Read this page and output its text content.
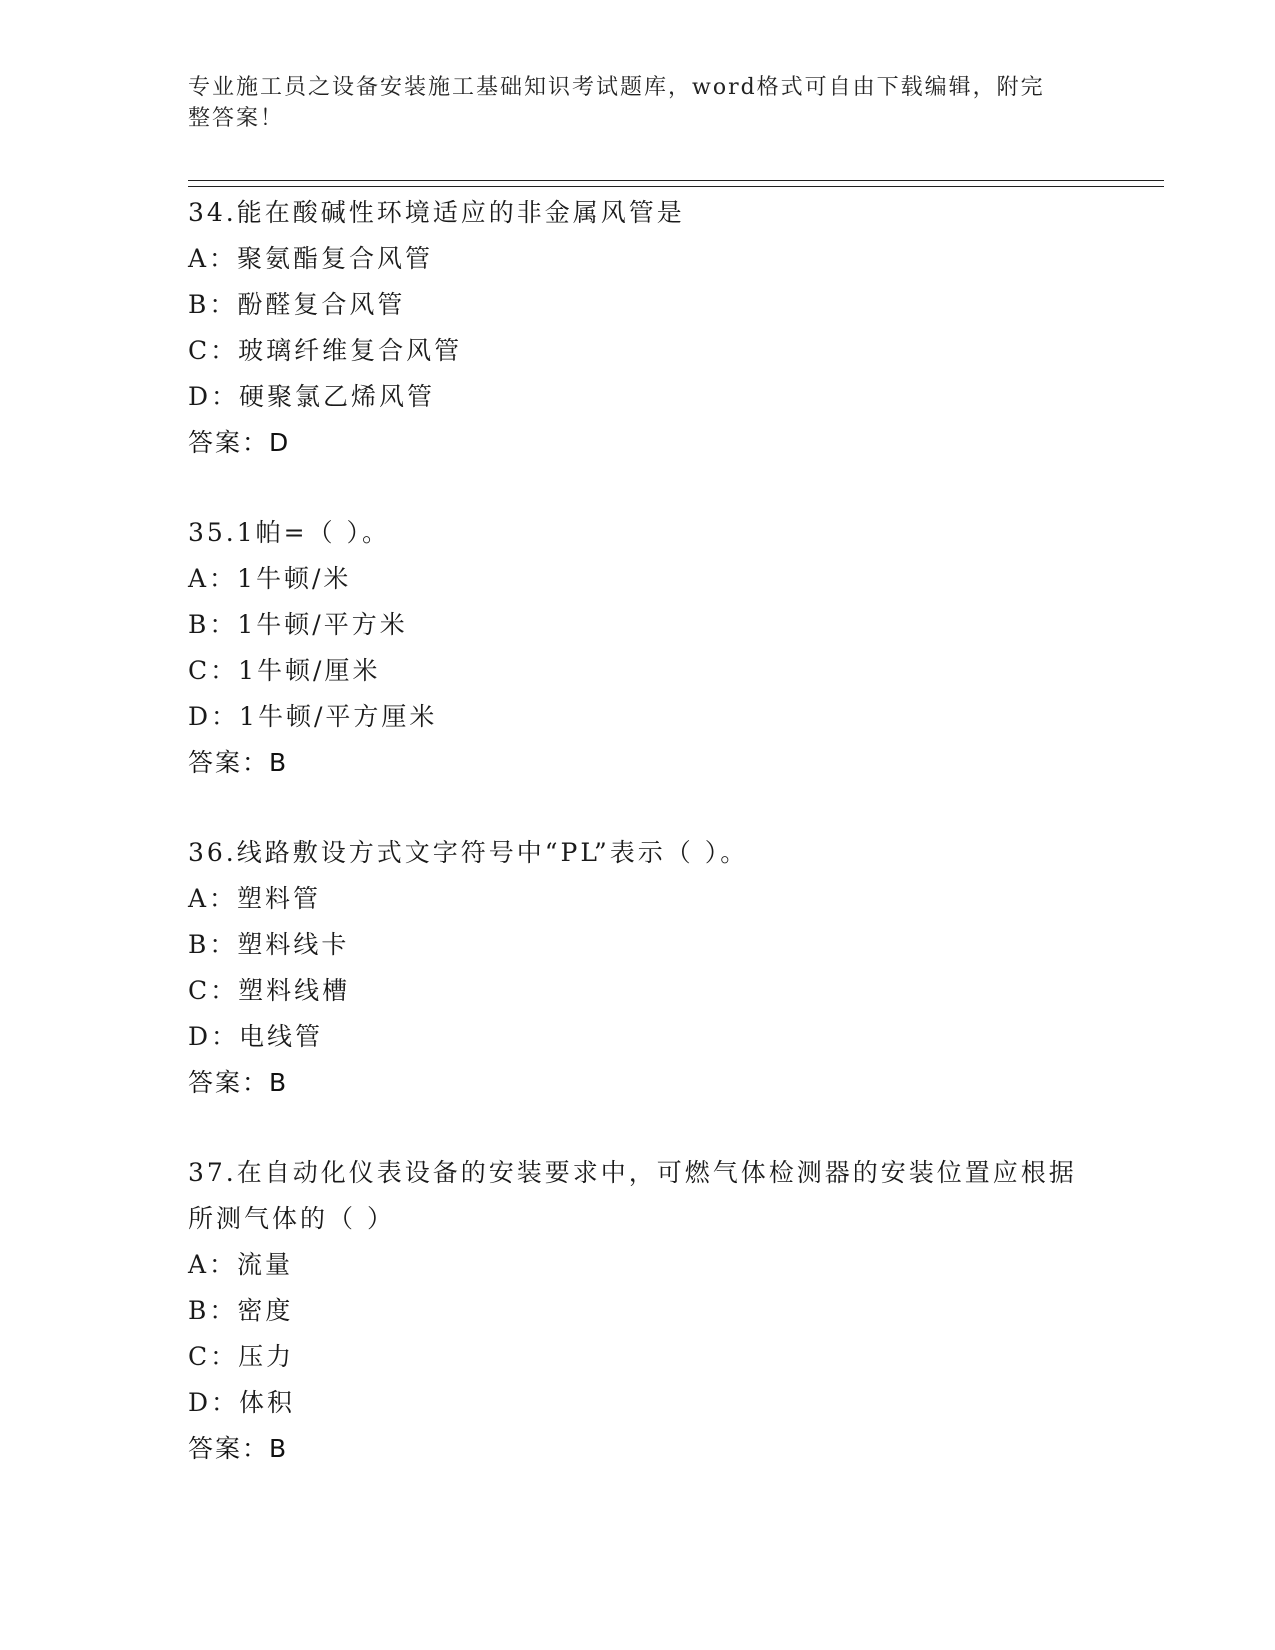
专业施工员之设备安装施工基础知识考试题库，word格式可自由下载编辑，附完整答案！
34.能在酸碱性环境适应的非金属风管是
A：聚氨酯复合风管
B：酚醛复合风管
C：玻璃纤维复合风管
D：硬聚氯乙烯风管
答案：D
35.1帕=（ ）。
A：1牛顿/米
B：1牛顿/平方米
C：1牛顿/厘米
D：1牛顿/平方厘米
答案：B
36.线路敷设方式文字符号中“PL”表示（ ）。
A：塑料管
B：塑料线卡
C：塑料线槽
D：电线管
答案：B
37.在自动化仪表设备的安装要求中，可燃气体检测器的安装位置应根据所测气体的（ ）
A：流量
B：密度
C：压力
D：体积
答案：B
